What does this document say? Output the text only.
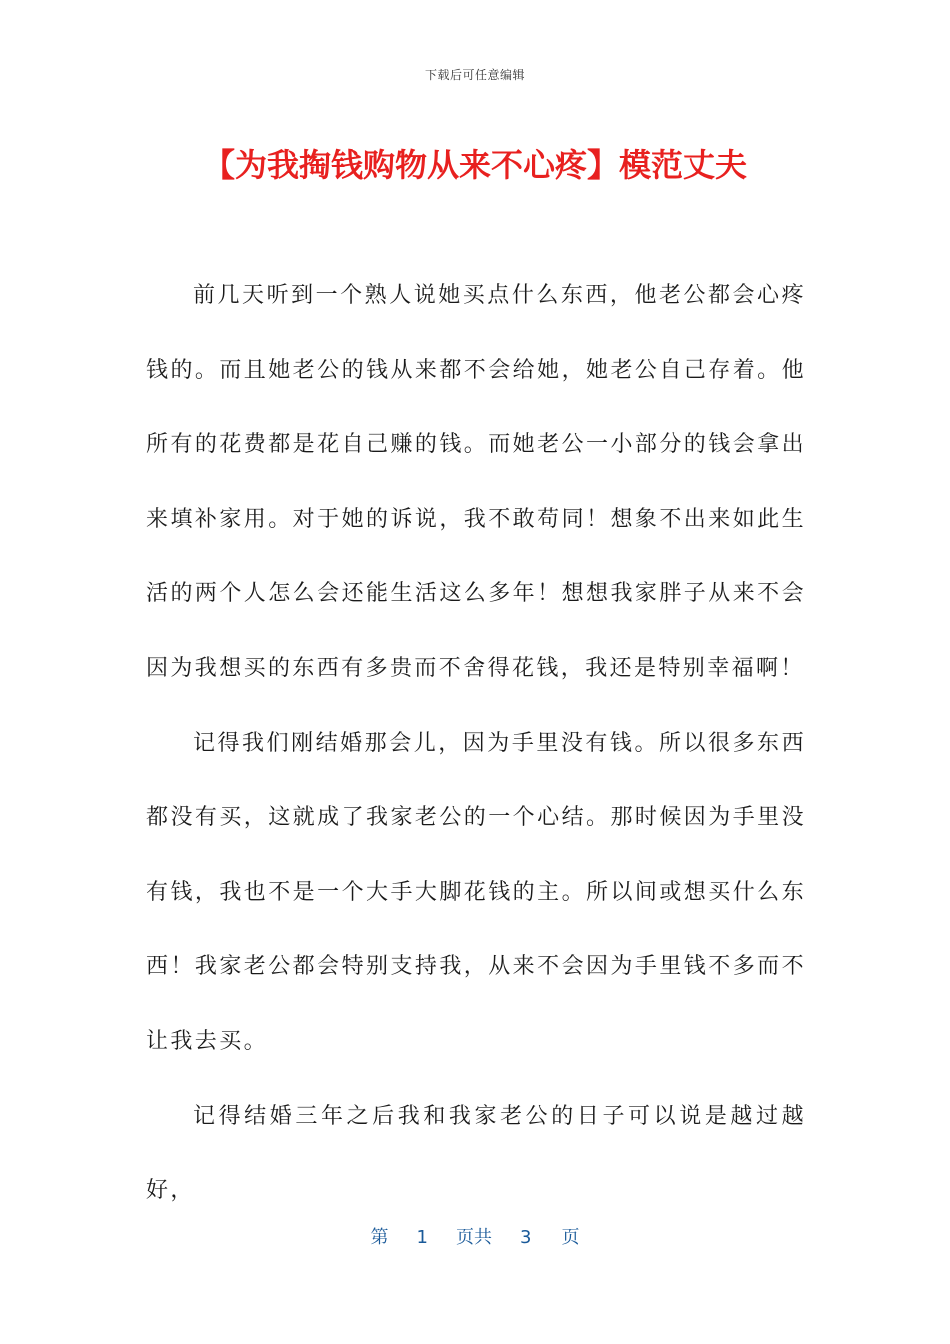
下载后可任意编辑
【为我掏钱购物从来不心疼】模范丈夫

前几天听到一个熟人说她买点什么东西，他老公都会心疼钱的。而且她老公的钱从来都不会给她，她老公自己存着。他所有的花费都是花自己赚的钱。而她老公一小部分的钱会拿出来填补家用。对于她的诉说，我不敢苟同！想象不出来如此生活的两个人怎么会还能生活这么多年！想想我家胖子从来不会因为我想买的东西有多贵而不舍得花钱，我还是特别幸福啊！

记得我们刚结婚那会儿，因为手里没有钱。所以很多东西都没有买，这就成了我家老公的一个心结。那时候因为手里没有钱，我也不是一个大手大脚花钱的主。所以间或想买什么东西！我家老公都会特别支持我，从来不会因为手里钱不多而不让我去买。

记得结婚三年之后我和我家老公的日子可以说是越过越好，

第 1 页共 3 页
